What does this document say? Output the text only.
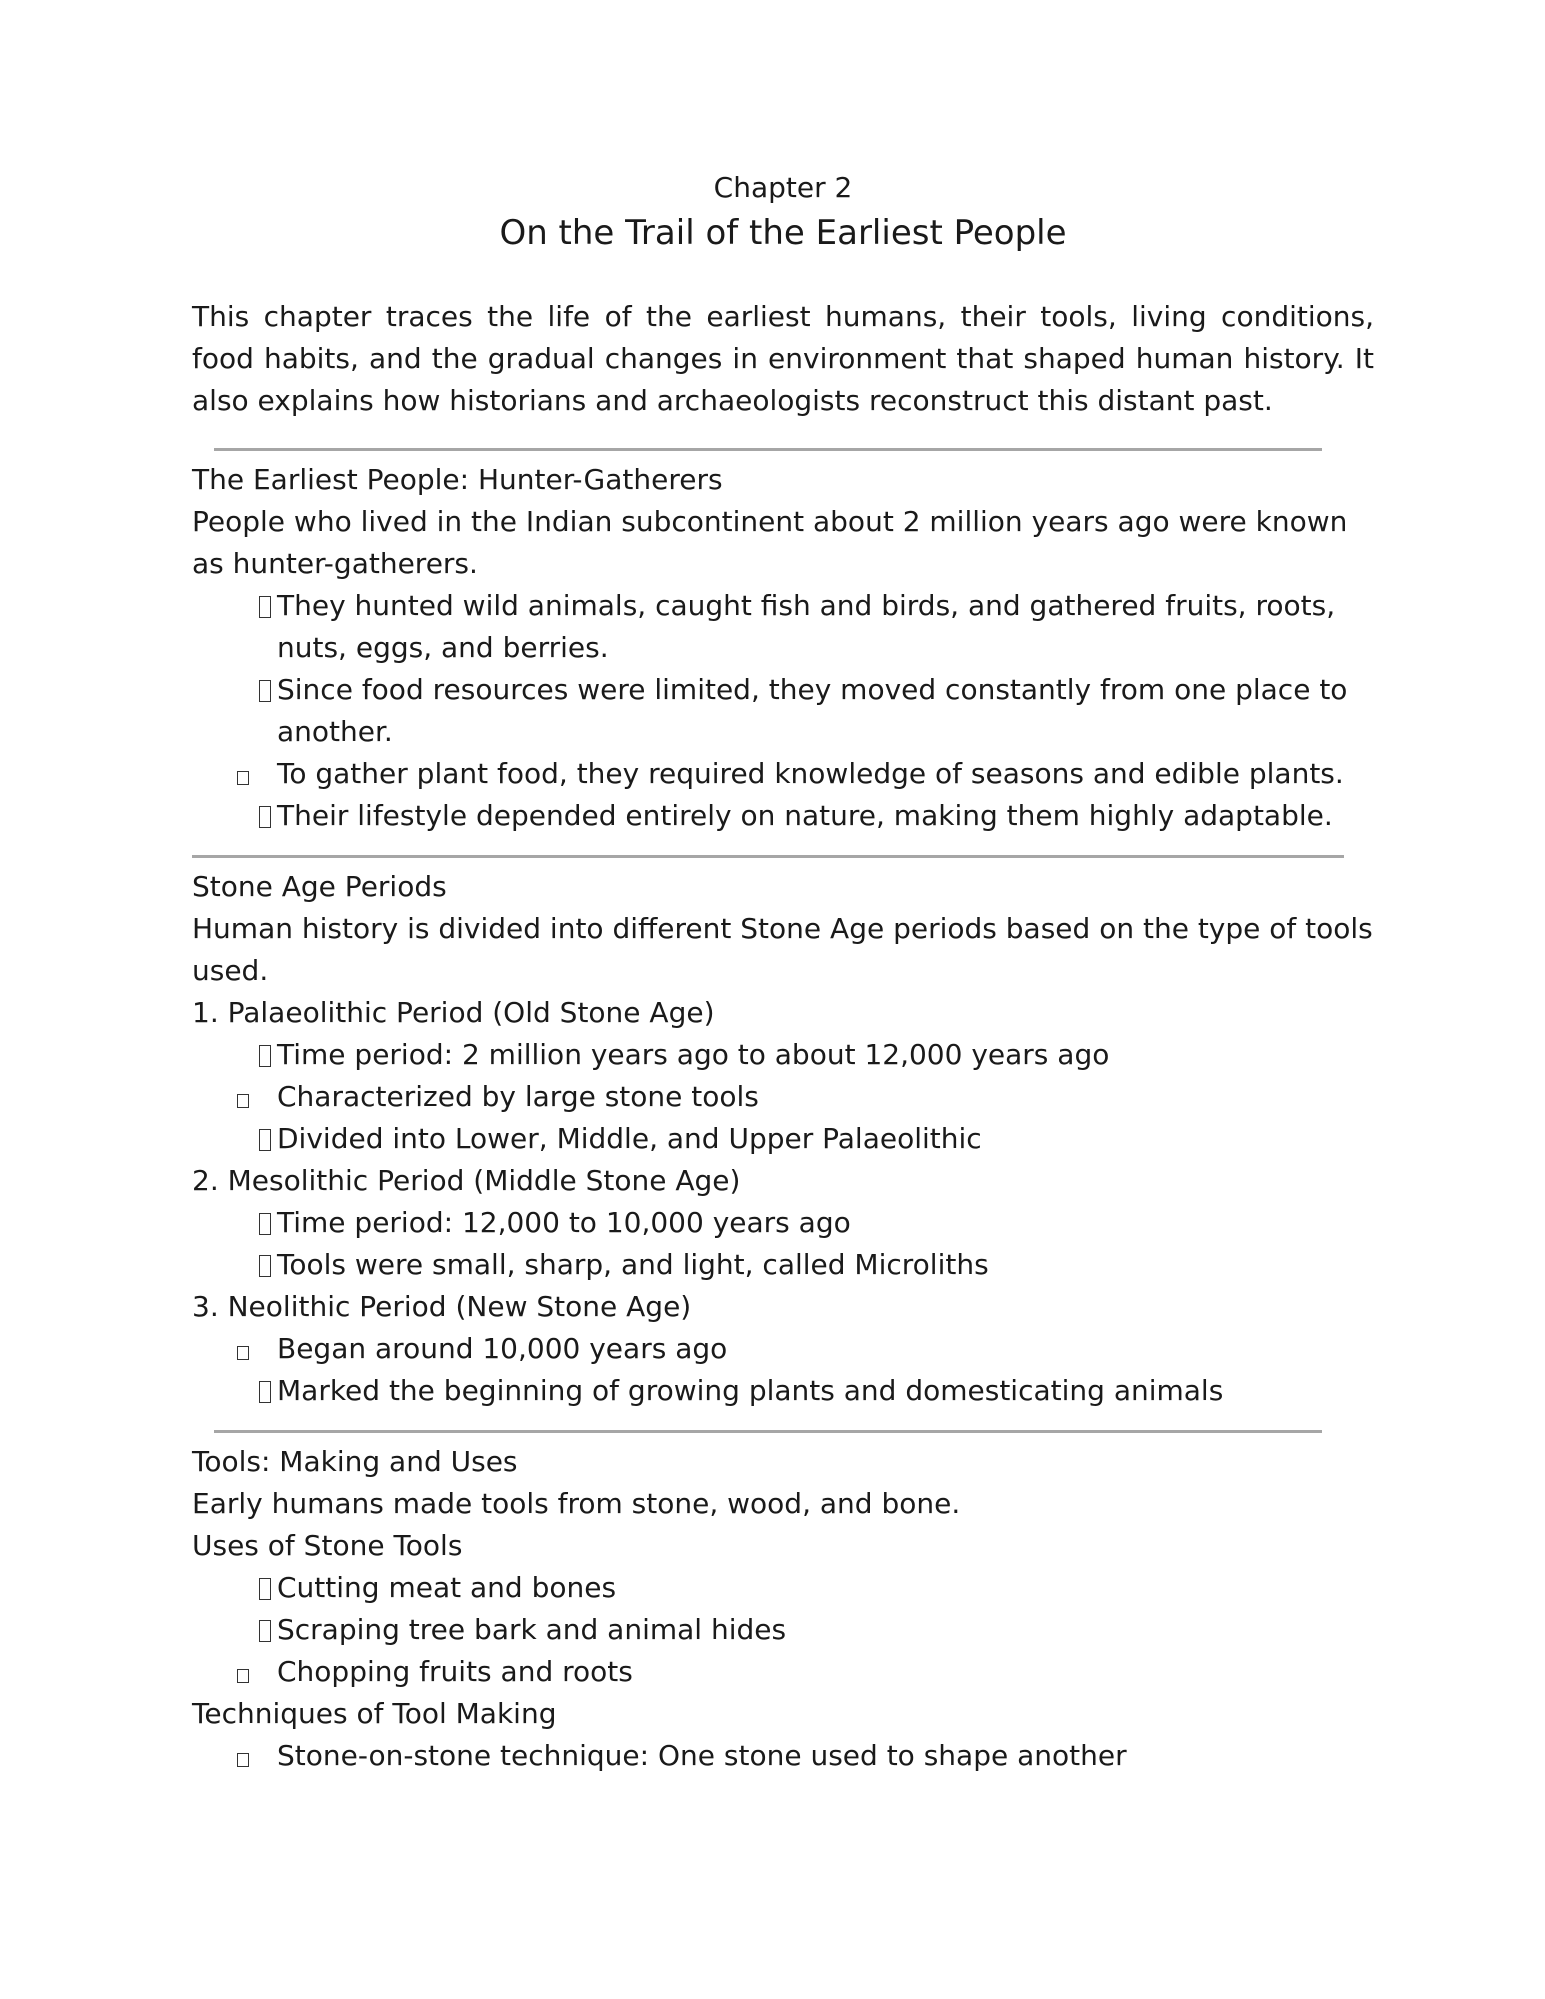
Chapter 2

On the Trail of the Earliest People

This chapter traces the life of the earliest humans, their tools, living conditions, food habits, and the gradual changes in environment that shaped human history. It also explains how historians and archaeologists reconstruct this distant past.

The Earliest People: Hunter-Gatherers

People who lived in the Indian subcontinent about 2 million years ago were known as hunter-gatherers.

They hunted wild animals, caught fish and birds, and gathered fruits, roots, nuts, eggs, and berries.
Since food resources were limited, they moved constantly from one place to another.
To gather plant food, they required knowledge of seasons and edible plants.
Their lifestyle depended entirely on nature, making them highly adaptable.

Stone Age Periods

Human history is divided into different Stone Age periods based on the type of tools used.

1. Palaeolithic Period (Old Stone Age)

Time period: 2 million years ago to about 12,000 years ago
Characterized by large stone tools
Divided into Lower, Middle, and Upper Palaeolithic

2. Mesolithic Period (Middle Stone Age)

Time period: 12,000 to 10,000 years ago
Tools were small, sharp, and light, called Microliths

3. Neolithic Period (New Stone Age)

Began around 10,000 years ago
Marked the beginning of growing plants and domesticating animals

Tools: Making and Uses

Early humans made tools from stone, wood, and bone.

Uses of Stone Tools

Cutting meat and bones
Scraping tree bark and animal hides
Chopping fruits and roots

Techniques of Tool Making

Stone-on-stone technique: One stone used to shape another
